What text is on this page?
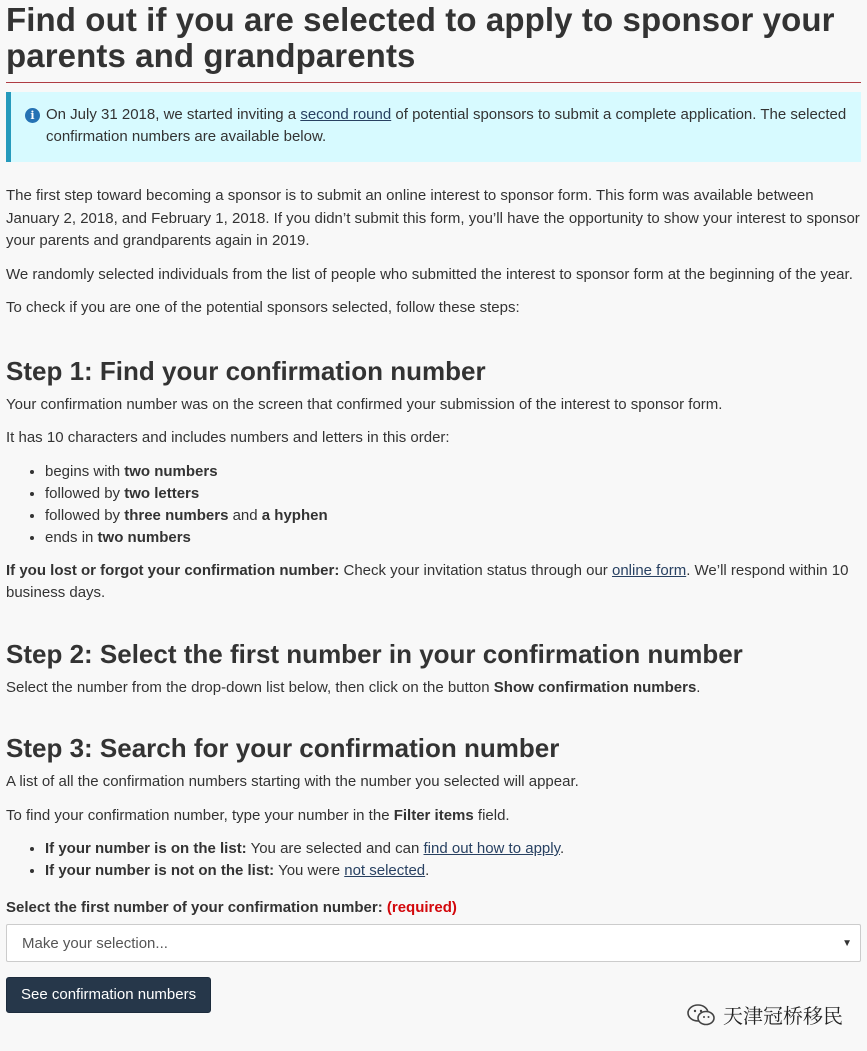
Find out if you are selected to apply to sponsor your parents and grandparents
i On July 31 2018, we started inviting a second round of potential sponsors to submit a complete application. The selected confirmation numbers are available below.

The first step toward becoming a sponsor is to submit an online interest to sponsor form. This form was available between January 2, 2018, and February 1, 2018. If you didn’t submit this form, you’ll have the opportunity to show your interest to sponsor your parents and grandparents again in 2019.

We randomly selected individuals from the list of people who submitted the interest to sponsor form at the beginning of the year.

To check if you are one of the potential sponsors selected, follow these steps:

Step 1: Find your confirmation number

Your confirmation number was on the screen that confirmed your submission of the interest to sponsor form.

It has 10 characters and includes numbers and letters in this order:

• begins with two numbers
• followed by two letters
• followed by three numbers and a hyphen
• ends in two numbers

If you lost or forgot your confirmation number: Check your invitation status through our online form. We’ll respond within 10 business days.

Step 2: Select the first number in your confirmation number

Select the number from the drop-down list below, then click on the button Show confirmation numbers.

Step 3: Search for your confirmation number

A list of all the confirmation numbers starting with the number you selected will appear.

To find your confirmation number, type your number in the Filter items field.

• If your number is on the list: You are selected and can find out how to apply.
• If your number is not on the list: You were not selected.
Select the first number of your confirmation number: (required)
Make your selection...	▼
See confirmation numbers
天津冠桥移民
